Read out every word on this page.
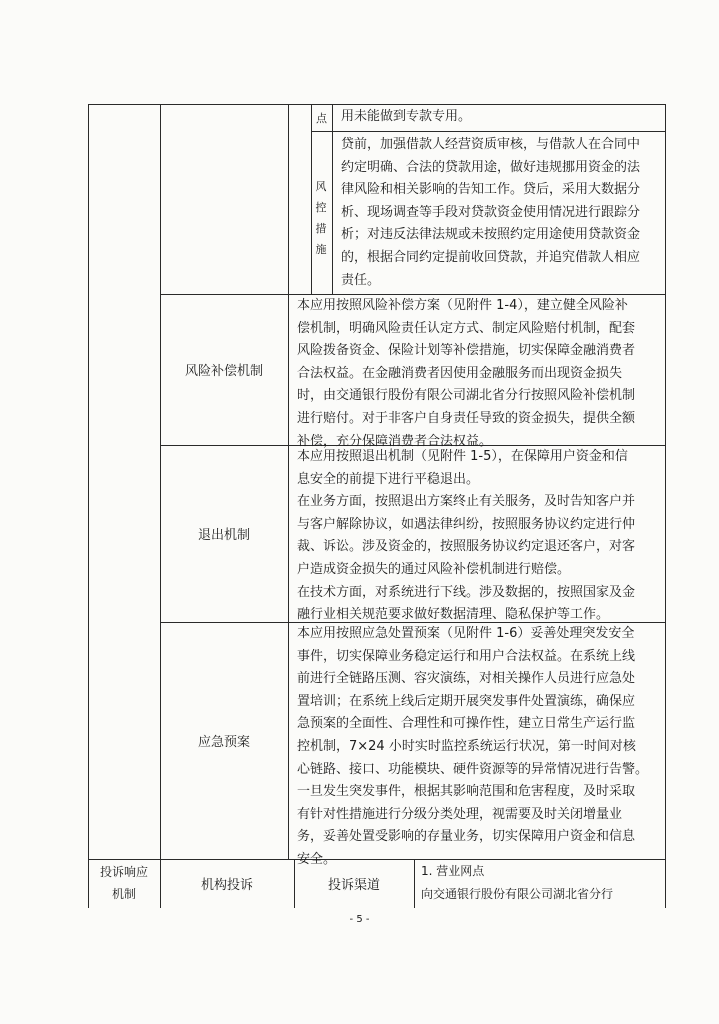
点 用未能做到专款专用。
风
控
措
施
贷前，加强借款人经营资质审核，与借款人在合同中
约定明确、合法的贷款用途，做好违规挪用资金的法
律风险和相关影响的告知工作。贷后，采用大数据分
析、现场调查等手段对贷款资金使用情况进行跟踪分
析；对违反法律法规或未按照约定用途使用贷款资金
的，根据合同约定提前收回贷款，并追究借款人相应
责任。
风险补偿机制
本应用按照风险补偿方案（见附件 1-4），建立健全风险补
偿机制，明确风险责任认定方式、制定风险赔付机制，配套
风险拨备资金、保险计划等补偿措施，切实保障金融消费者
合法权益。在金融消费者因使用金融服务而出现资金损失
时，由交通银行股份有限公司湖北省分行按照风险补偿机制
进行赔付。对于非客户自身责任导致的资金损失，提供全额
补偿，充分保障消费者合法权益。
退出机制
本应用按照退出机制（见附件 1-5），在保障用户资金和信
息安全的前提下进行平稳退出。
在业务方面，按照退出方案终止有关服务，及时告知客户并
与客户解除协议，如遇法律纠纷，按照服务协议约定进行仲
裁、诉讼。涉及资金的，按照服务协议约定退还客户，对客
户造成资金损失的通过风险补偿机制进行赔偿。
在技术方面，对系统进行下线。涉及数据的，按照国家及金
融行业相关规范要求做好数据清理、隐私保护等工作。
应急预案
本应用按照应急处置预案（见附件 1-6）妥善处理突发安全
事件，切实保障业务稳定运行和用户合法权益。在系统上线
前进行全链路压测、容灾演练，对相关操作人员进行应急处
置培训；在系统上线后定期开展突发事件处置演练，确保应
急预案的全面性、合理性和可操作性，建立日常生产运行监
控机制，7×24 小时实时监控系统运行状况，第一时间对核
心链路、接口、功能模块、硬件资源等的异常情况进行告警。
一旦发生突发事件，根据其影响范围和危害程度，及时采取
有针对性措施进行分级分类处理，视需要及时关闭增量业
务，妥善处置受影响的存量业务，切实保障用户资金和信息
安全。
投诉响应
机制
机构投诉	投诉渠道
1. 营业网点
向交通银行股份有限公司湖北省分行
- 5 -
